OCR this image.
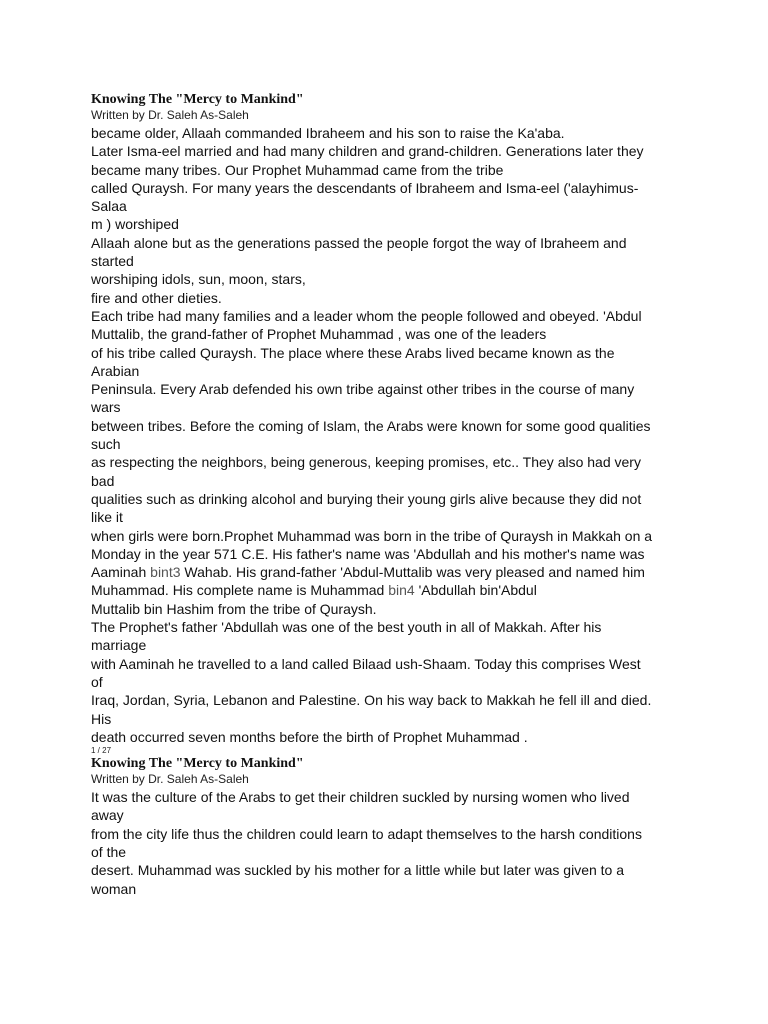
Knowing The "Mercy to Mankind"

Written by Dr. Saleh As-Saleh

became older, Allaah commanded Ibraheem and his son to raise the Ka'aba.

Later Isma-eel married and had many children and grand-children. Generations later they

became many tribes. Our Prophet Muhammad came from the tribe

called Quraysh. For many years the descendants of Ibraheem and Isma-eel ('alayhimus-

Salaa

m ) worshiped

Allaah alone but as the generations passed the people forgot the way of Ibraheem and

started

worshiping idols, sun, moon, stars,

fire and other dieties.

Each tribe had many families and a leader whom the people followed and obeyed. 'Abdul

Muttalib, the grand-father of Prophet Muhammad , was one of the leaders

of his tribe called Quraysh. The place where these Arabs lived became known as the

Arabian

Peninsula. Every Arab defended his own tribe against other tribes in the course of many

wars

between tribes. Before the coming of Islam, the Arabs were known for some good qualities

such

as respecting the neighbors, being generous, keeping promises, etc.. They also had very

bad

qualities such as drinking alcohol and burying their young girls alive because they did not

like it

when girls were born.Prophet Muhammad was born in the tribe of Quraysh in Makkah on a

Monday in the year 571 C.E. His father's name was 'Abdullah and his mother's name was

Aaminah bint3 Wahab. His grand-father 'Abdul-Muttalib was very pleased and named him

Muhammad. His complete name is Muhammad bin4 'Abdullah bin'Abdul

Muttalib bin Hashim from the tribe of Quraysh.

The Prophet's father 'Abdullah was one of the best youth in all of Makkah. After his

marriage

with Aaminah he travelled to a land called Bilaad ush-Shaam. Today this comprises West

of

Iraq, Jordan, Syria, Lebanon and Palestine. On his way back to Makkah he fell ill and died.

His

death occurred seven months before the birth of Prophet Muhammad .

1 / 27

Knowing The "Mercy to Mankind"

Written by Dr. Saleh As-Saleh

It was the culture of the Arabs to get their children suckled by nursing women who lived

away

from the city life thus the children could learn to adapt themselves to the harsh conditions

of the

desert. Muhammad was suckled by his mother for a little while but later was given to a

woman
